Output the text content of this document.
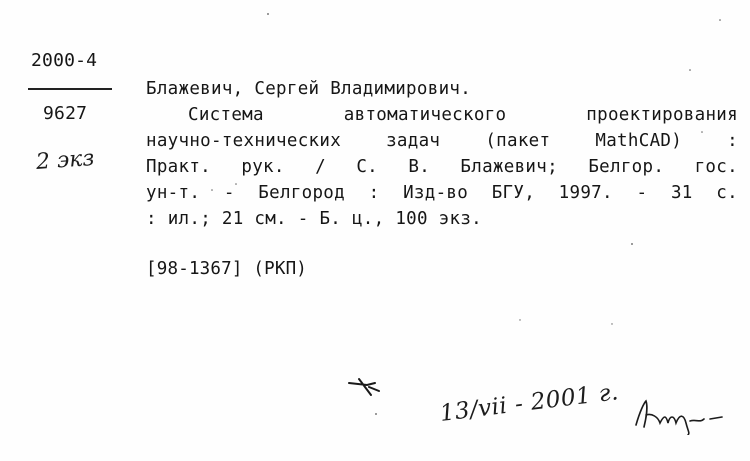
2000-4
9627
2 экз
Блажевич, Сергей Владимирович.
Система	автоматического	проектирования
научно-технических	задач	(пакет	MathCAD)	:
Практ. рук. / С. В. Блажевич; Белгор. гос.
ун-т. - Белгород : Изд-во БГУ, 1997. - 31 с.
:
ил.;
21
см.
-
Б.
ц.,
100
экз.
[98-1367] (РКП)
13/vii - 2001 г.
